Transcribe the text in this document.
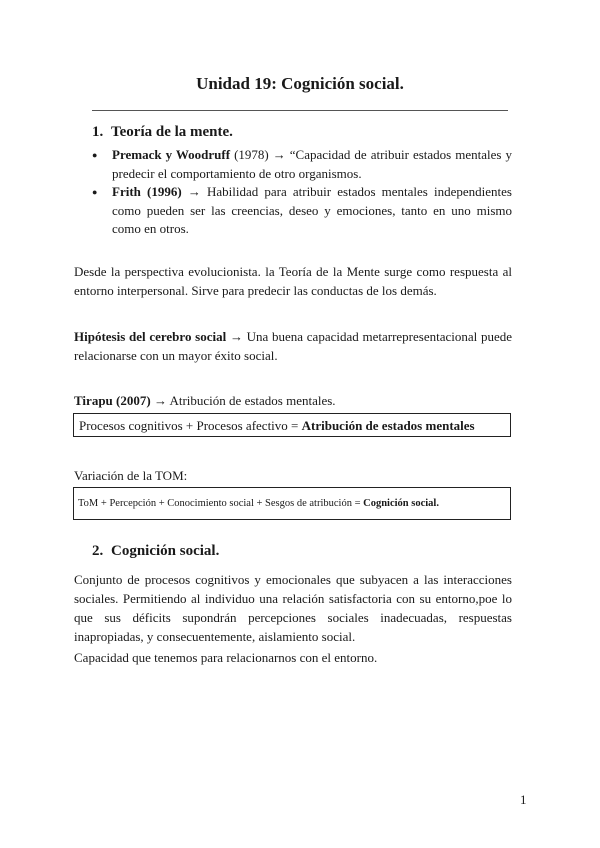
Unidad 19: Cognición social.
1. Teoría de la mente.

●	Premack y Woodruff (1978) → “Capacidad de atribuir estados mentales y predecir el comportamiento de otro organismos.

●	Frith (1996) → Habilidad para atribuir estados mentales independientes como pueden ser las creencias, deseo y emociones, tanto en uno mismo como en otros.

Desde la perspectiva evolucionista. la Teoría de la Mente surge como respuesta al entorno interpersonal. Sirve para predecir las conductas de los demás.
Hipótesis del cerebro social → Una buena capacidad metarrepresentacional puede relacionarse con un mayor éxito social.
Tirapu (2007) → Atribución de estados mentales.
Procesos cognitivos + Procesos afectivo = Atribución de estados mentales
Variación de la TOM:
ToM + Percepción + Conocimiento social + Sesgos de atribución = Cognición social.
2. Cognición social.
Conjunto de procesos cognitivos y emocionales que subyacen a las interacciones sociales. Permitiendo al individuo una relación satisfactoria con su entorno,poe lo que sus déficits supondrán percepciones sociales inadecuadas, respuestas inapropiadas, y consecuentemente, aislamiento social.
Capacidad que tenemos para relacionarnos con el entorno.
1
